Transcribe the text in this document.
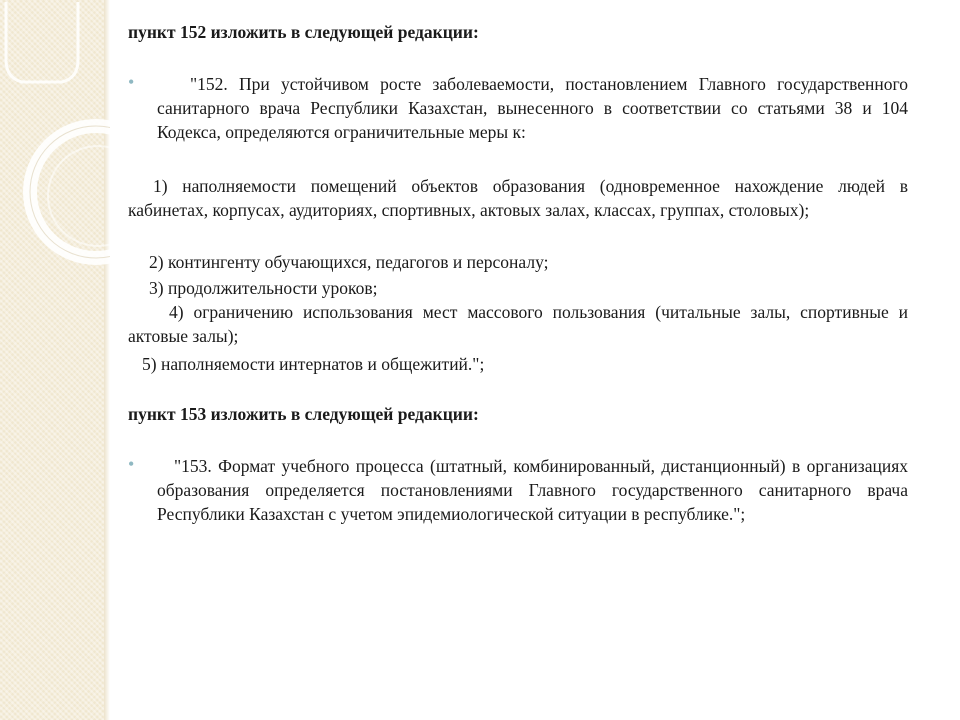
пункт 152 изложить в следующей редакции:
•	"152. При устойчивом росте заболеваемости, постановлением Главного государственного санитарного врача Республики Казахстан, вынесенного в соответствии со статьями 38 и 104 Кодекса, определяются ограничительные меры к:
1) наполняемости помещений объектов образования (одновременное нахождение людей в кабинетах, корпусах, аудиториях, спортивных, актовых залах, классах, группах, столовых);
2) контингенту обучающихся, педагогов и персоналу;
3) продолжительности уроков;
4) ограничению использования мест массового пользования (читальные залы, спортивные и актовые залы);
5) наполняемости интернатов и общежитий.";
пункт 153 изложить в следующей редакции:
•	"153. Формат учебного процесса (штатный, комбинированный, дистанционный) в организациях образования определяется постановлениями Главного государственного санитарного врача Республики Казахстан с учетом эпидемиологической ситуации в республике.";
